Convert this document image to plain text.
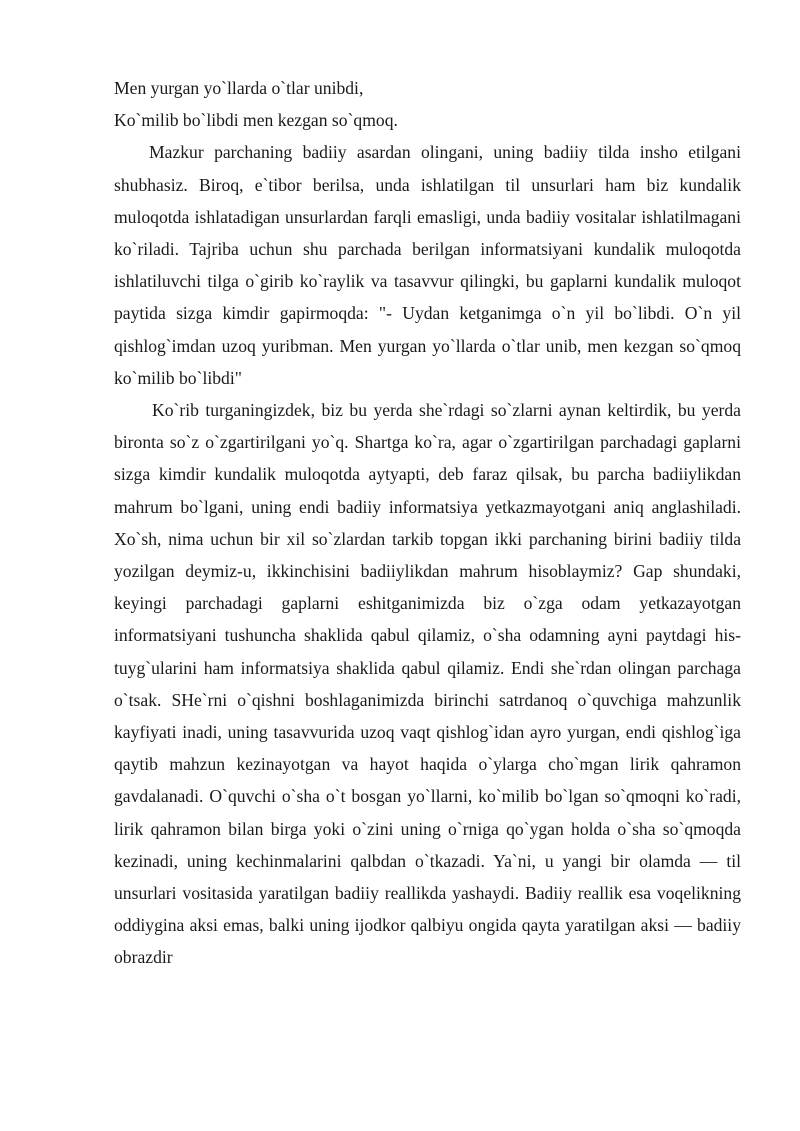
Men yurgan yo`llarda o`tlar unibdi,

Ko`milib bo`libdi men kezgan so`qmoq.

Mazkur parchaning badiiy asardan olingani, uning badiiy tilda insho etilgani shubhasiz. Biroq, e`tibor berilsa, unda ishlatilgan til unsurlari ham biz kundalik muloqotda ishlatadigan unsurlardan farqli emasligi, unda badiiy vositalar ishlatilmagani ko`riladi. Tajriba uchun shu parchada berilgan informatsiyani kundalik muloqotda ishlatiluvchi tilga o`girib ko`raylik va tasavvur qilingki, bu gaplarni kundalik muloqot paytida sizga kimdir gapirmoqda: "- Uydan ketganimga o`n yil bo`libdi. O`n yil qishlog`imdan uzoq yuribman. Men yurgan yo`llarda o`tlar unib, men kezgan so`qmoq ko`milib bo`libdi"

Ko`rib turganingizdek, biz bu yerda she`rdagi so`zlarni aynan keltirdik, bu yerda bironta so`z o`zgartirilgani yo`q. Shartga ko`ra, agar o`zgartirilgan parchadagi gaplarni sizga kimdir kundalik muloqotda aytyapti, deb faraz qilsak, bu parcha badiiylikdan mahrum bo`lgani, uning endi badiiy informatsiya yetkazmayotgani aniq anglashiladi. Xo`sh, nima uchun bir xil so`zlardan tarkib topgan ikki parchaning birini badiiy tilda yozilgan deymiz-u, ikkinchisini badiiylikdan mahrum hisoblaymiz? Gap shundaki, keyingi parchadagi gaplarni eshitganimizda biz o`zga odam yetkazayotgan informatsiyani tushuncha shaklida qabul qilamiz, o`sha odamning ayni paytdagi his-tuyg`ularini ham informatsiya shaklida qabul qilamiz. Endi she`rdan olingan parchaga o`tsak. SHe`rni o`qishni boshlaganimizda birinchi satrdanoq o`quvchiga mahzunlik kayfiyati inadi, uning tasavvurida uzoq vaqt qishlog`idan ayro yurgan, endi qishlog`iga qaytib mahzun kezinayotgan va hayot haqida o`ylarga cho`mgan lirik qahramon gavdalanadi. O`quvchi o`sha o`t bosgan yo`llarni, ko`milib bo`lgan so`qmoqni ko`radi, lirik qahramon bilan birga yoki o`zini uning o`rniga qo`ygan holda o`sha so`qmoqda kezinadi, uning kechinmalarini qalbdan o`tkazadi. Ya`ni, u yangi bir olamda — til unsurlari vositasida yaratilgan badiiy reallikda yashaydi. Badiiy reallik esa voqelikning oddiygina aksi emas, balki uning ijodkor qalbiyu ongida qayta yaratilgan aksi — badiiy obrazdir
